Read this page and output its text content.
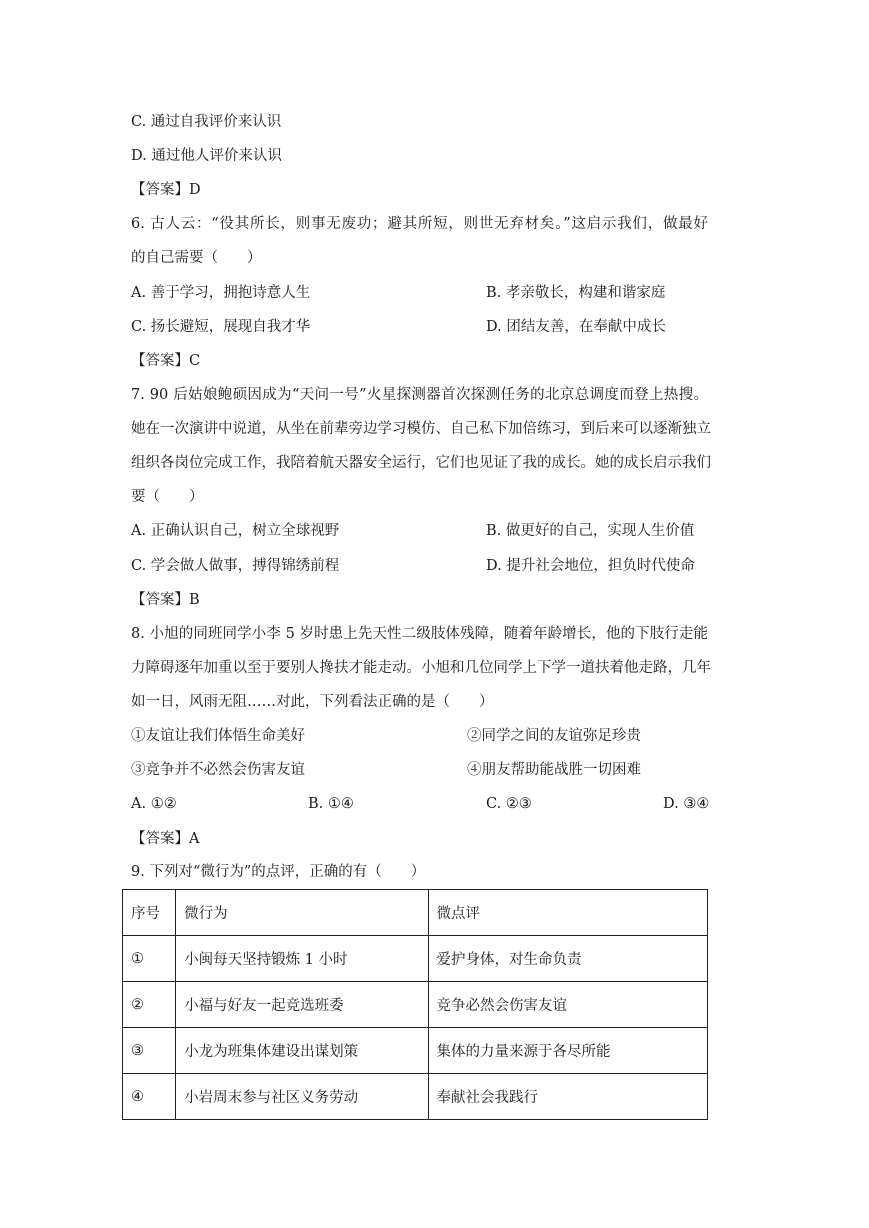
C. 通过自我评价来认识
D. 通过他人评价来认识
【答案】D
6. 古人云：“役其所长，则事无废功；避其所短，则世无弃材矣。”这启示我们，做最好
的自己需要（　　）
A. 善于学习，拥抱诗意人生	B. 孝亲敬长，构建和谐家庭
C. 扬长避短，展现自我才华	D. 团结友善，在奉献中成长
【答案】C
7. 90 后姑娘鲍硕因成为“天问一号”火星探测器首次探测任务的北京总调度而登上热搜。
她在一次演讲中说道，从坐在前辈旁边学习模仿、自己私下加倍练习，到后来可以逐渐独立
组织各岗位完成工作，我陪着航天器安全运行，它们也见证了我的成长。她的成长启示我们
要（　　）
A. 正确认识自己，树立全球视野	B. 做更好的自己，实现人生价值
C. 学会做人做事，搏得锦绣前程	D. 提升社会地位，担负时代使命
【答案】B
8. 小旭的同班同学小李 5 岁时患上先天性二级肢体残障，随着年龄增长，他的下肢行走能
力障碍逐年加重以至于要别人搀扶才能走动。小旭和几位同学上下学一道扶着他走路，几年
如一日，风雨无阻……对此，下列看法正确的是（　　）
①友谊让我们体悟生命美好	②同学之间的友谊弥足珍贵
③竞争并不必然会伤害友谊	④朋友帮助能战胜一切困难
A. ①②	B. ①④	C. ②③	D. ③④
【答案】A
9. 下列对“微行为”的点评，正确的有（　　）
序号	微行为	微点评
①	小闽每天坚持锻炼 1 小时	爱护身体，对生命负责
②	小福与好友一起竞选班委	竞争必然会伤害友谊
③	小龙为班集体建设出谋划策	集体的力量来源于各尽所能
④	小岩周末参与社区义务劳动	奉献社会我践行
